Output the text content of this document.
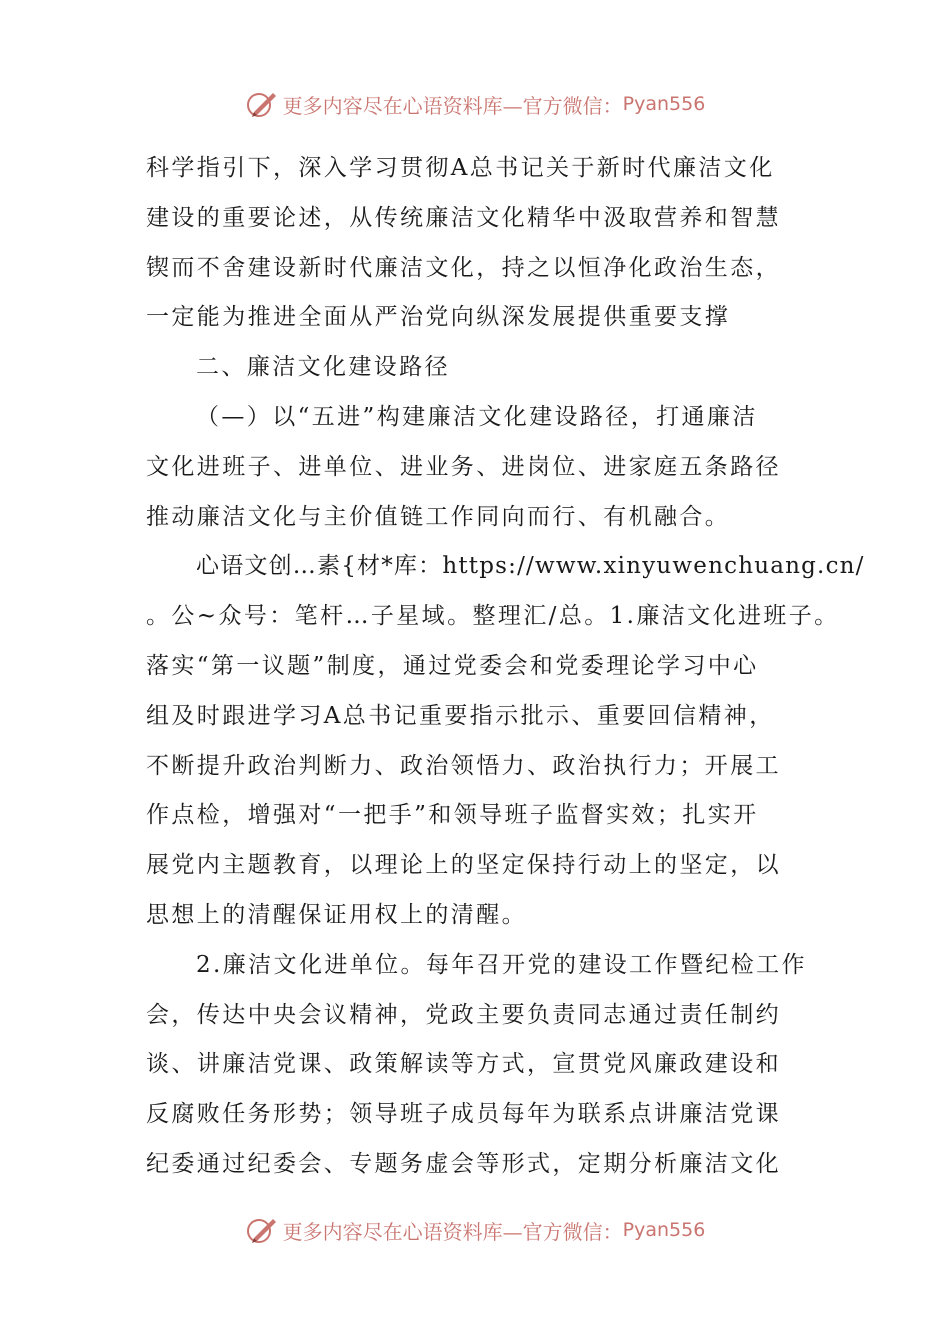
更多内容尽在心语资料库—官方微信： Pyan556
科学指引下，深入学习贯彻A总书记关于新时代廉洁文化
建设的重要论述，从传统廉洁文化精华中汲取营养和智慧
锲而不舍建设新时代廉洁文化，持之以恒净化政治生态，
一定能为推进全面从严治党向纵深发展提供重要支撑
二、廉洁文化建设路径
（—）以“五进”构建廉洁文化建设路径，打通廉洁
文化进班子、进单位、进业务、进岗位、进家庭五条路径
推动廉洁文化与主价值链工作同向而行、有机融合。
心语文创…素{材*库：https://www.xinyuwenchuang.cn/
。公~众号：笔杆…子星域。整理汇/总。1.廉洁文化进班子。
落实“第一议题”制度，通过党委会和党委理论学习中心
组及时跟进学习A总书记重要指示批示、重要回信精神，
不断提升政治判断力、政治领悟力、政治执行力；开展工
作点检，增强对“一把手”和领导班子监督实效；扎实开
展党内主题教育，以理论上的坚定保持行动上的坚定，以
思想上的清醒保证用权上的清醒。
2.廉洁文化进单位。每年召开党的建设工作暨纪检工作
会，传达中央会议精神，党政主要负责同志通过责任制约
谈、讲廉洁党课、政策解读等方式，宣贯党风廉政建设和
反腐败任务形势；领导班子成员每年为联系点讲廉洁党课
纪委通过纪委会、专题务虚会等形式，定期分析廉洁文化
更多内容尽在心语资料库—官方微信： Pyan556
